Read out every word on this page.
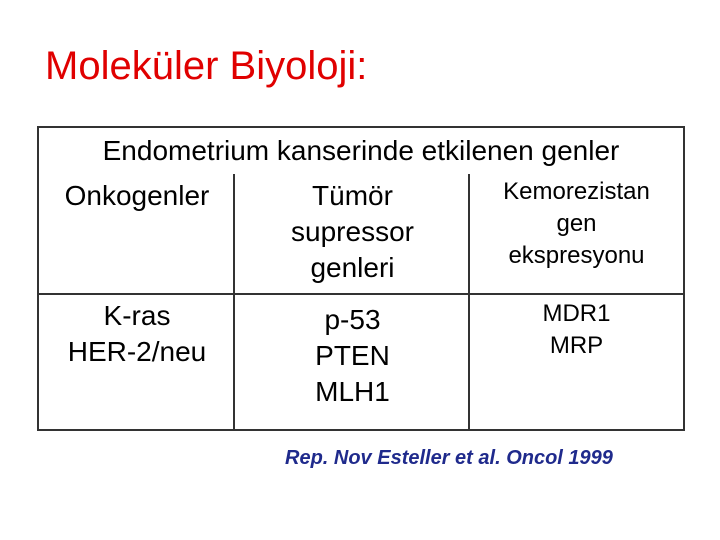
Moleküler Biyoloji:
Endometrium kanserinde etkilenen genler
Onkogenler
K-ras
HER-2/neu
Tümör
supressor
genleri
p-53
PTEN
MLH1
Kemorezistan
gen
ekspresyonu
MDR1
MRP

Rep. Nov Esteller et al. Oncol 1999
